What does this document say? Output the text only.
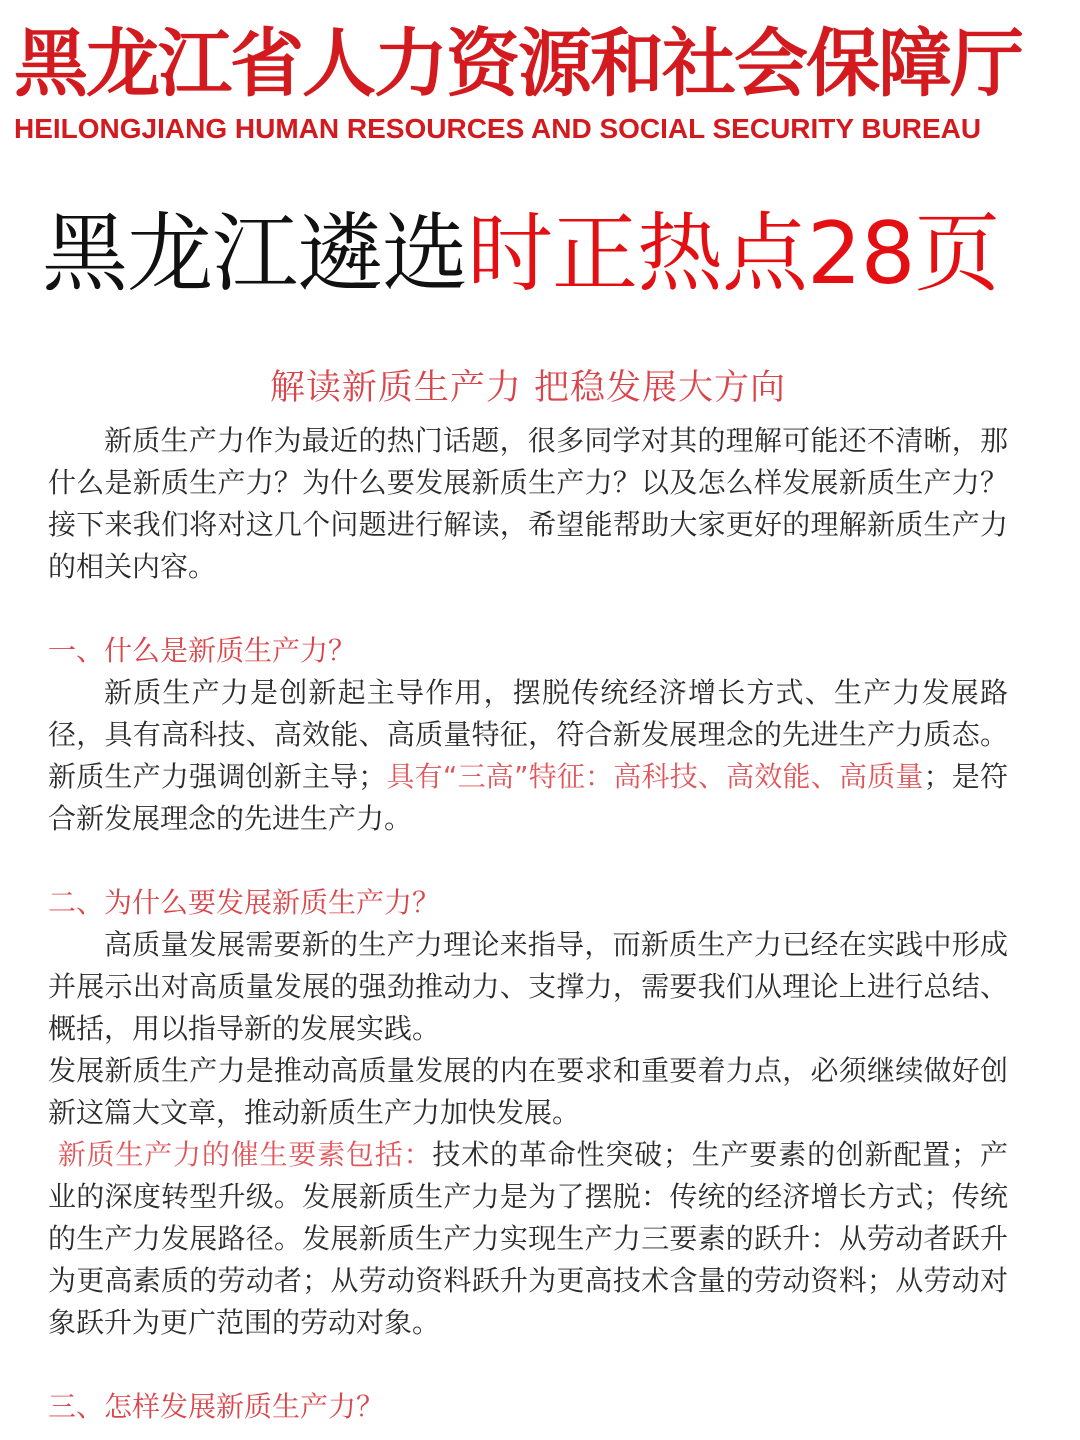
黑龙江省人力资源和社会保障厅
HEILONGJIANG HUMAN RESOURCES AND SOCIAL SECURITY BUREAU
黑龙江遴选时正热点28页
解读新质生产力 把稳发展大方向

新质生产力作为最近的热门话题，很多同学对其的理解可能还不清晰，那什么是新质生产力？为什么要发展新质生产力？以及怎么样发展新质生产力？接下来我们将对这几个问题进行解读，希望能帮助大家更好的理解新质生产力的相关内容。

一、什么是新质生产力？

新质生产力是创新起主导作用，摆脱传统经济增长方式、生产力发展路径，具有高科技、高效能、高质量特征，符合新发展理念的先进生产力质态。新质生产力强调创新主导；具有“三高”特征：高科技、高效能、高质量；是符合新发展理念的先进生产力。

二、为什么要发展新质生产力？

高质量发展需要新的生产力理论来指导，而新质生产力已经在实践中形成并展示出对高质量发展的强劲推动力、支撑力，需要我们从理论上进行总结、概括，用以指导新的发展实践。

发展新质生产力是推动高质量发展的内在要求和重要着力点，必须继续做好创新这篇大文章，推动新质生产力加快发展。

新质生产力的催生要素包括：技术的革命性突破；生产要素的创新配置；产业的深度转型升级。发展新质生产力是为了摆脱：传统的经济增长方式；传统的生产力发展路径。发展新质生产力实现生产力三要素的跃升：从劳动者跃升为更高素质的劳动者；从劳动资料跃升为更高技术含量的劳动资料；从劳动对象跃升为更广范围的劳动对象。

三、怎样发展新质生产力？
